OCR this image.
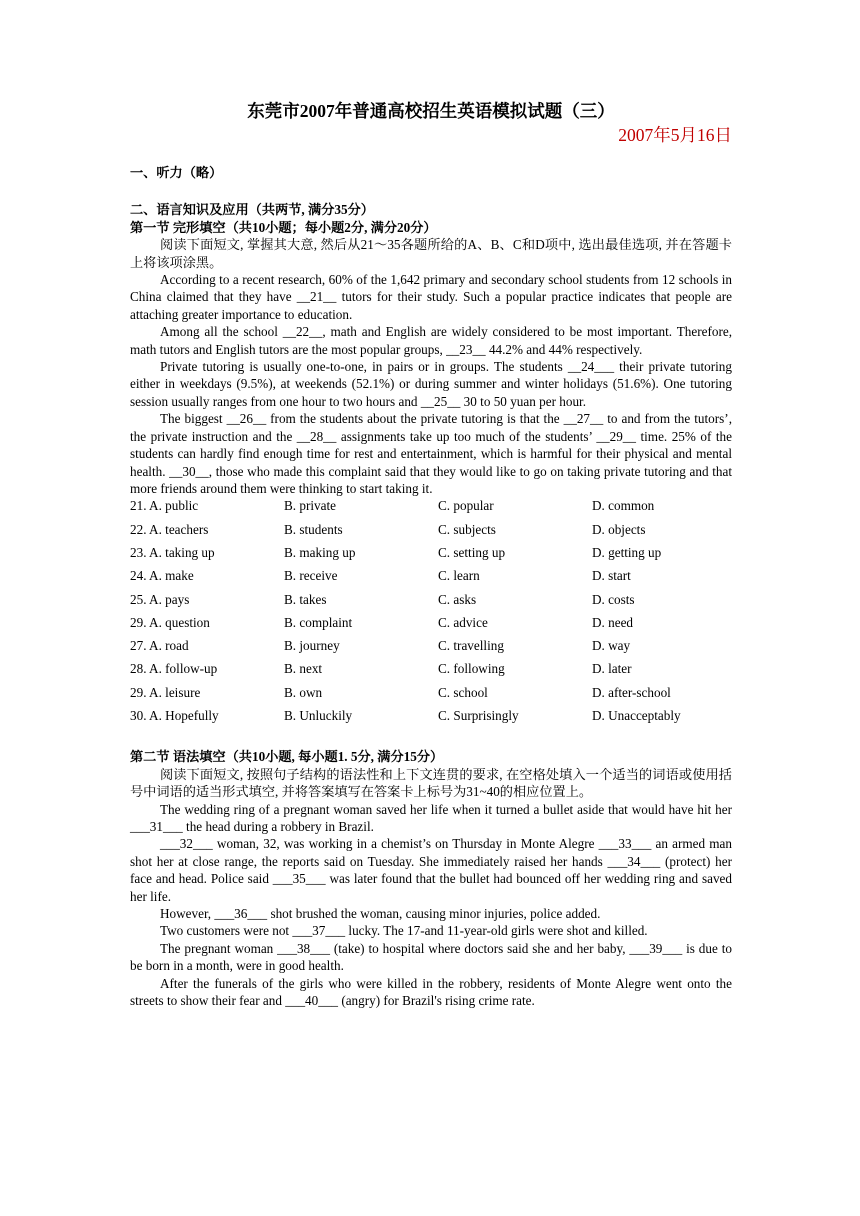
东莞市2007年普通高校招生英语模拟试题（三）

2007年5月16日

一、听力（略）

二、语言知识及应用（共两节, 满分35分）

第一节 完形填空（共10小题；每小题2分, 满分20分）

阅读下面短文, 掌握其大意, 然后从21～35各题所给的A、B、C和D项中, 选出最佳选项, 并在答题卡上将该项涂黑。

According to a recent research, 60% of the 1,642 primary and secondary school students from 12 schools in China claimed that they have __21__ tutors for their study. Such a popular practice indicates that people are attaching greater importance to education.

Among all the school __22__, math and English are widely considered to be most important. Therefore, math tutors and English tutors are the most popular groups, __23__ 44.2% and 44% respectively.

Private tutoring is usually one-to-one, in pairs or in groups. The students __24___ their private tutoring either in weekdays (9.5%), at weekends (52.1%) or during summer and winter holidays (51.6%). One tutoring session usually ranges from one hour to two hours and __25__ 30 to 50 yuan per hour.

The biggest __26__ from the students about the private tutoring is that the __27__ to and from the tutors’, the private instruction and the __28__ assignments take up too much of the students’ __29__ time. 25% of the students can hardly find enough time for rest and entertainment, which is harmful for their physical and mental health. __30__, those who made this complaint said that they would like to go on taking private tutoring and that more friends around them were thinking to start taking it.

21. A. public	B. private	C. popular	D. common
22. A. teachers	B. students	C. subjects	D. objects
23. A. taking up	B. making up	C. setting up	D. getting up
24. A. make	B. receive	C. learn	D. start
25. A. pays	B. takes	C. asks	D. costs
29. A. question	B. complaint	C. advice	D. need
27. A. road	B. journey	C. travelling	D. way
28. A. follow-up	B. next	C. following	D. later
29. A. leisure	B. own	C. school	D. after-school
30. A. Hopefully	B. Unluckily	C. Surprisingly	D. Unacceptably

第二节 语法填空（共10小题, 每小题1. 5分, 满分15分）

阅读下面短文, 按照句子结构的语法性和上下文连贯的要求, 在空格处填入一个适当的词语或使用括号中词语的适当形式填空, 并将答案填写在答案卡上标号为31~40的相应位置上。

The wedding ring of a pregnant woman saved her life when it turned a bullet aside that would have hit her ___31___ the head during a robbery in Brazil.

___32___ woman, 32, was working in a chemist’s on Thursday in Monte Alegre ___33___ an armed man shot her at close range, the reports said on Tuesday. She immediately raised her hands ___34___ (protect) her face and head. Police said ___35___ was later found that the bullet had bounced off her wedding ring and saved her life.

However, ___36___ shot brushed the woman, causing minor injuries, police added.

Two customers were not ___37___ lucky. The 17-and 11-year-old girls were shot and killed.

The pregnant woman ___38___ (take) to hospital where doctors said she and her baby, ___39___ is due to be born in a month, were in good health.

After the funerals of the girls who were killed in the robbery, residents of Monte Alegre went onto the streets to show their fear and ___40___ (angry) for Brazil's rising crime rate.
